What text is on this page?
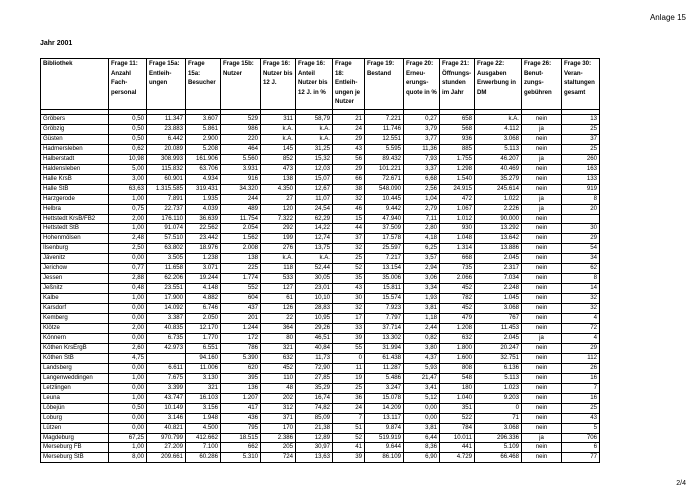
Anlage 15
Jahr 2001
Bibliothek	Frage 11: Anzahl Fach-personal	Frage 15a: Entleih-ungen	Frage 15a: Besucher	Frage 15b: Nutzer	Frage 16: Nutzer bis 12 J.	Frage 16: Anteil Nutzer bis 12 J. in %	Frage 18: Entleih-ungen je Nutzer	Frage 19: Bestand	Frage 20: Erneu-erungs-quote in %	Frage 21: Öffnungs-stunden im Jahr	Frage 22: Ausgaben Erwerbung in DM	Frage 26: Benut-zungs-gebühren	Frage 30: Veran-staltungen gesamt

Gröbers	0,50	11.347	3.607	529	311	58,79	21	7.221	0,27	658	k.A.	nein	13
Gröbzig	0,50	23.883	5.861	986	k.A.	k.A.	24	11.746	3,79	568	4.112	ja	25
Güsten	0,50	6.442	2.900	220	k.A.	k.A.	29	12.551	3,77	936	3.068	nein	37
Hadmersleben	0,62	20.089	5.208	464	145	31,25	43	5.595	11,36	885	5.113	nein	25
Halberstadt	10,98	308.993	161.906	5.560	852	15,32	56	89.432	7,93	1.755	46.207	ja	260
Haldensleben	5,00	115.832	63.706	3.931	473	12,03	29	101.221	3,37	1.298	40.469	nein	163
Halle KrsB	3,00	60.901	4.934	916	138	15,07	66	72.671	6,68	1.540	35.279	nein	133
Halle StB	63,63	1.315.585	319.431	34.320	4.350	12,67	38	548.090	2,56	24.915	245.614	nein	919
Harzgerode	1,00	7.891	1.935	244	27	11,07	32	10.445	1,04	472	1.022	ja	8
Helbra	0,75	22.737	4.039	489	120	24,54	46	9.442	2,79	1.067	2.226	ja	20
Hettstedt KrsB/FB2	2,00	176.110	36.639	11.754	7.322	62,29	15	47.940	7,11	1.012	90.000	nein	
Hettstedt StB	1,00	91.074	22.562	2.054	292	14,22	44	37.509	2,80	930	13.292	nein	30
Hohenmölsen	2,48	57.510	23.442	1.562	199	12,74	37	17.578	4,18	1.048	13.642	nein	29
Ilsenburg	2,50	63.802	18.976	2.008	276	13,75	32	25.597	6,25	1.314	13.886	nein	54
Jävenitz	0,00	3.505	1.238	138	k.A.	k.A.	25	7.217	3,57	668	2.045	nein	34
Jerichow	0,77	11.658	3.071	225	118	52,44	52	13.154	2,94	735	2.317	nein	62
Jessen	2,88	62.206	19.244	1.774	533	30,05	35	35.006	3,06	2.066	7.034	nein	8
Jeßnitz	0,48	23.551	4.148	552	127	23,01	43	15.811	3,34	452	2.248	nein	14
Kalbe	1,00	17.900	4.882	604	61	10,10	30	15.574	1,93	782	1.045	nein	32
Karsdorf	0,00	14.092	6.746	437	126	28,83	32	7.923	3,81	452	3.068	nein	32
Kemberg	0,00	3.387	2.050	201	22	10,95	17	7.797	1,18	479	767	nein	4
Klötze	2,00	40.835	12.170	1.244	364	29,26	33	37.714	2,44	1.208	11.453	nein	72
Könnern	0,00	6.735	1.770	172	80	46,51	39	13.302	0,82	632	2.045	ja	4
Köthen KrsErgB	2,60	42.973	6.551	786	321	40,84	55	31.994	3,80	1.800	20.247	nein	29
Köthen StB	4,75		94.160	5.390	632	11,73	0	61.438	4,37	1.600	32.751	nein	112
Landsberg	0,00	6.611	11.006	620	452	72,90	11	11.287	5,93	808	6.136	nein	26
Langenweddingen	1,00	7.675	3.130	395	110	27,85	19	5.486	21,47	548	5.113	nein	16
Letzlingen	0,00	3.399	321	136	48	35,29	25	3.247	3,41	180	1.023	nein	7
Leuna	1,00	43.747	16.103	1.207	202	16,74	36	15.078	5,12	1.040	9.203	nein	16
Löbejün	0,50	10.149	3.156	417	312	74,82	24	14.209	0,00	351	0	nein	25
Loburg	0,00	3.146	1.948	436	371	85,09	7	13.117	0,00	522	71	nein	43
Lützen	0,00	40.821	4.500	795	170	21,38	51	9.874	3,81	784	3.068	nein	5
Magdeburg	67,25	970.799	412.662	18.515	2.386	12,89	52	519.919	6,44	10.011	296.336	ja	706
Merseburg FB	1,00	27.209	7.100	662	205	30,97	41	9.644	8,36	441	5.109	nein	6
Merseburg StB	8,00	209.661	60.286	5.310	724	13,63	39	86.109	6,90	4.729	66.468	nein	77
2/4
